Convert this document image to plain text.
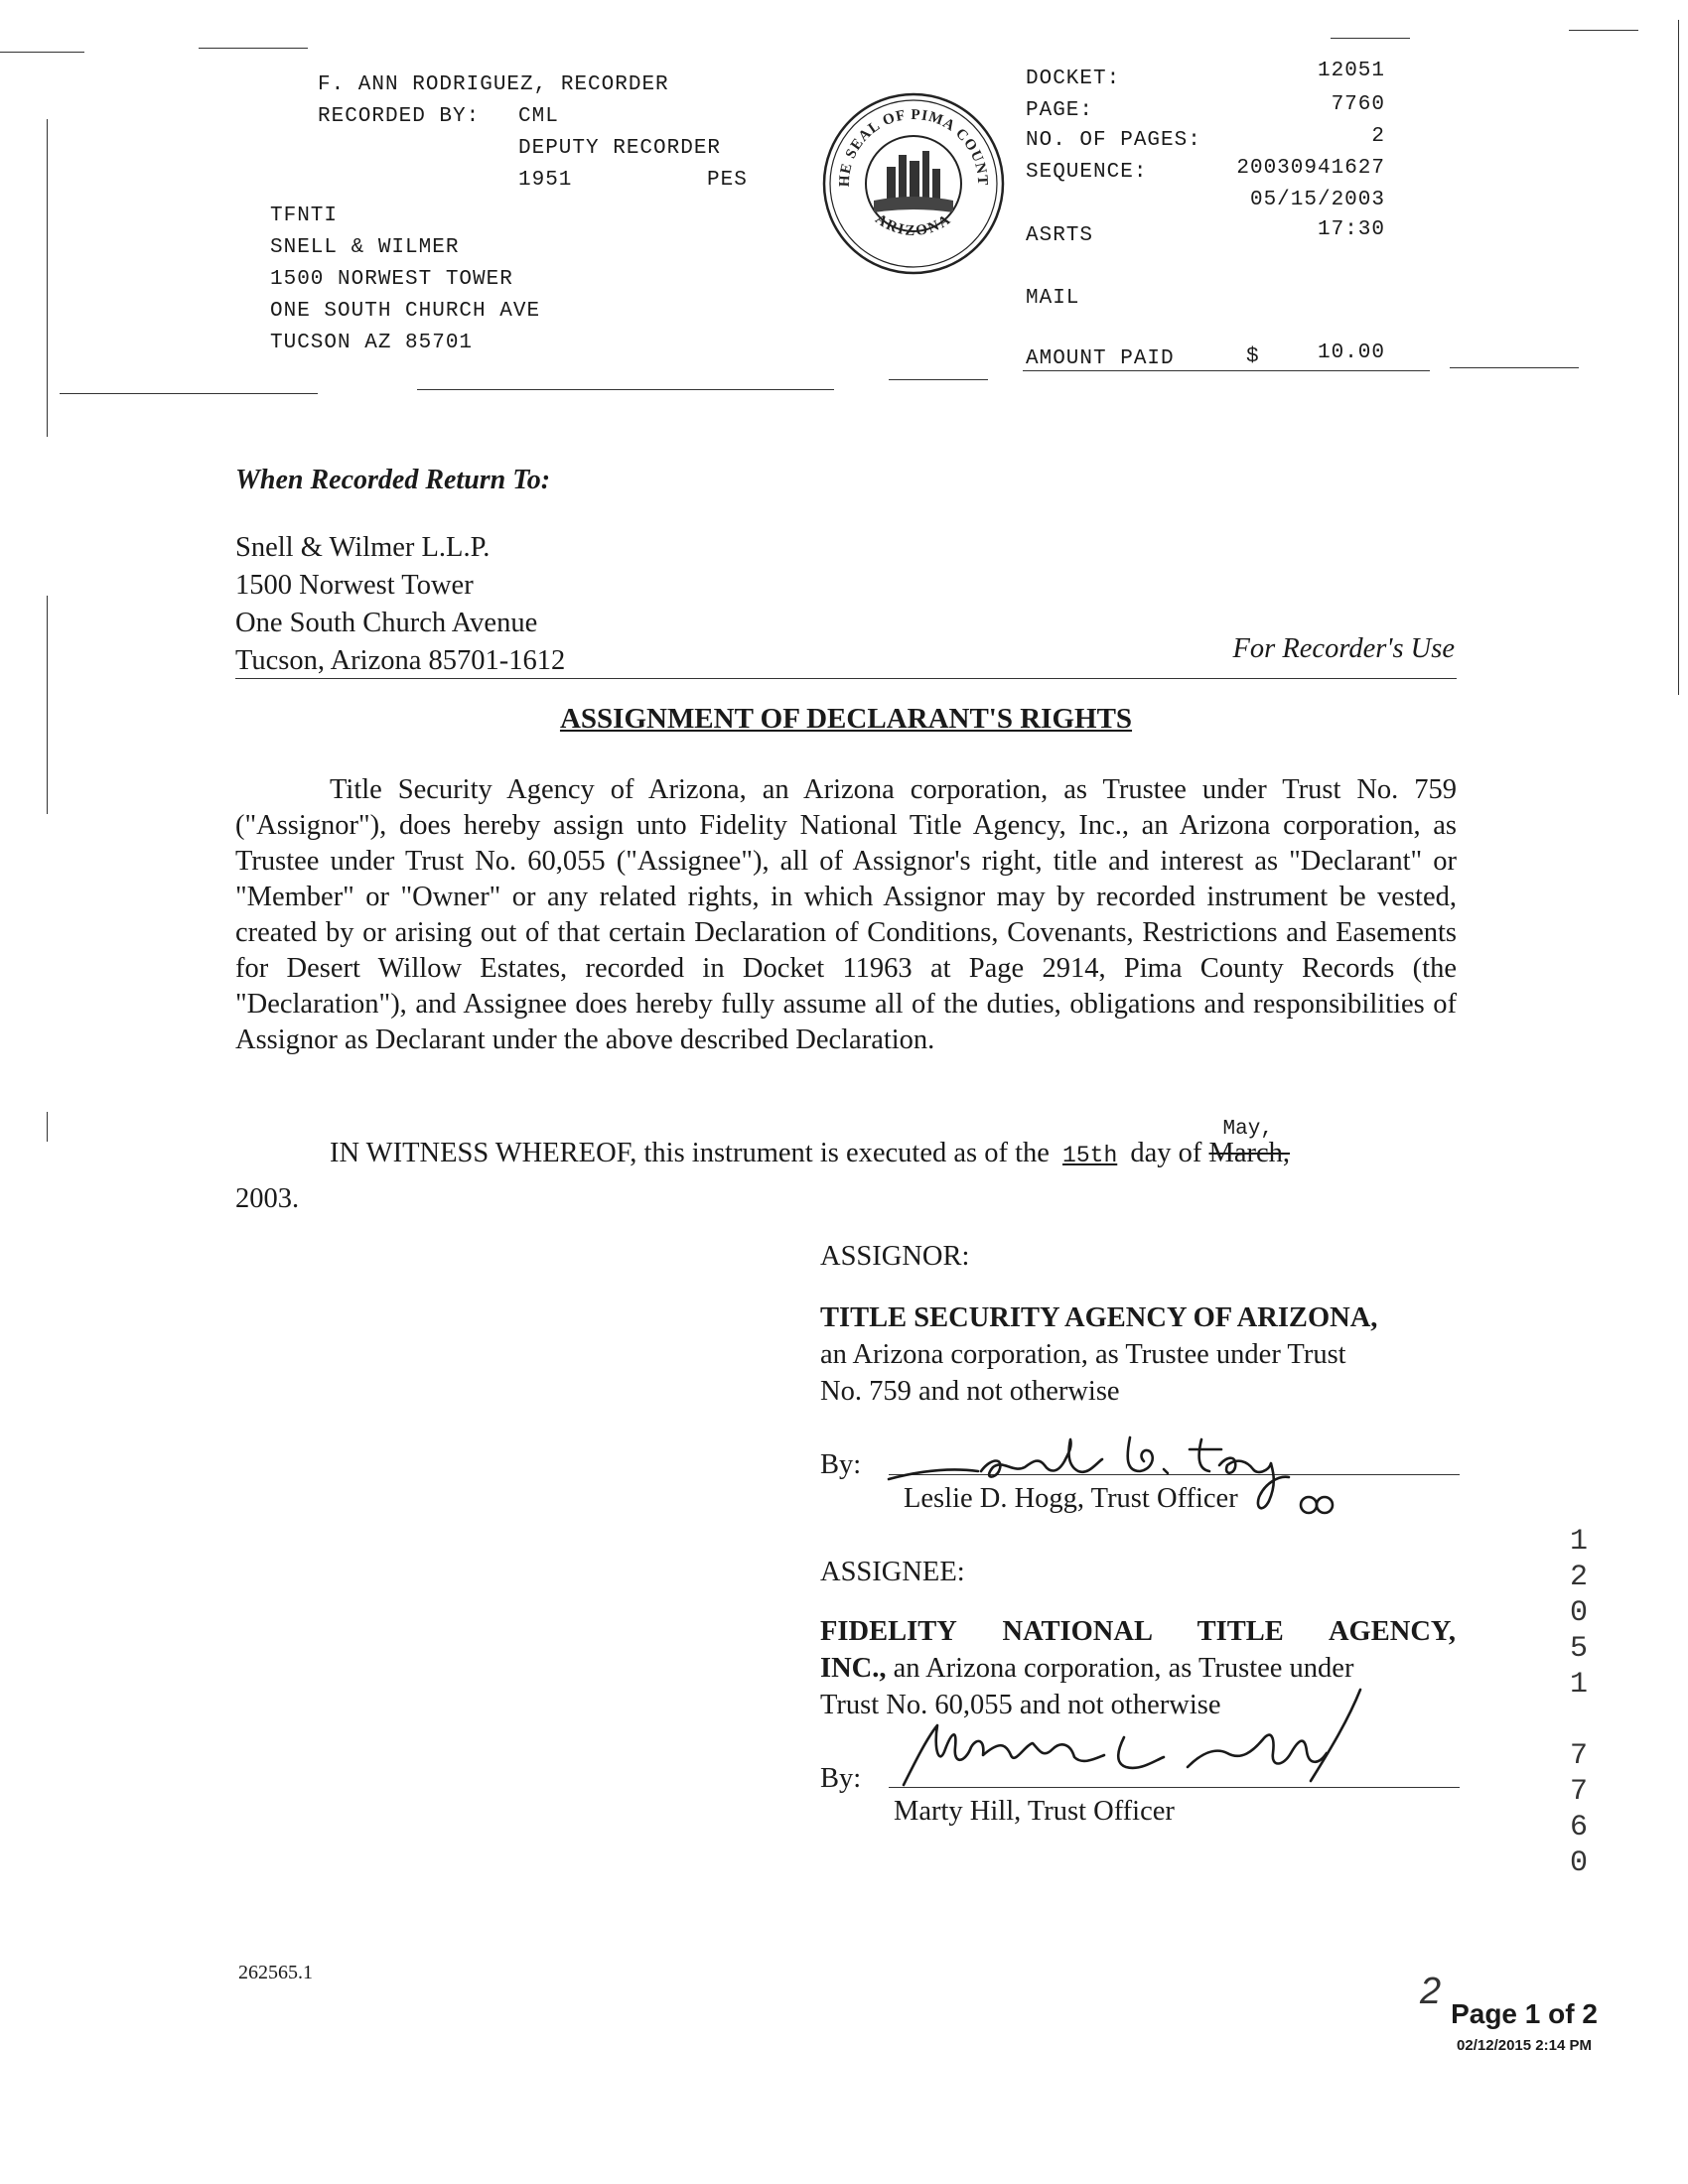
F. ANN RODRIGUEZ, RECORDER
RECORDED BY: CML
DEPUTY RECORDER
1951	PES
TFNTI
SNELL & WILMER
1500 NORWEST TOWER
ONE SOUTH CHURCH AVE
TUCSON AZ 85701
HE SEAL OF PIMA COUNT
ARIZONA
DOCKET:	12051
PAGE:	7760
NO. OF PAGES:	2
SEQUENCE:	20030941627
05/15/2003
ASRTS	17:30
MAIL
AMOUNT PAID	$	10.00
When Recorded Return To:
Snell & Wilmer L.L.P.
1500 Norwest Tower
One South Church Avenue
Tucson, Arizona 85701-1612	For Recorder's Use
ASSIGNMENT OF DECLARANT'S RIGHTS
Title Security Agency of Arizona, an Arizona corporation, as Trustee under Trust No. 759 ("Assignor"), does hereby assign unto Fidelity National Title Agency, Inc., an Arizona corporation, as Trustee under Trust No. 60,055 ("Assignee"), all of Assignor's right, title and interest as "Declarant" or "Member" or "Owner" or any related rights, in which Assignor may by recorded instrument be vested, created by or arising out of that certain Declaration of Conditions, Covenants, Restrictions and Easements for Desert Willow Estates, recorded in Docket 11963 at Page 2914, Pima County Records (the "Declaration"), and Assignee does hereby fully assume all of the duties, obligations and responsibilities of Assignor as Declarant under the above described Declaration.
IN WITNESS WHEREOF, this instrument is executed as of the 15th day of March,
May,
2003.
ASSIGNOR:
TITLE SECURITY AGENCY OF ARIZONA,
an Arizona corporation, as Trustee under Trust
No. 759 and not otherwise
By:
Leslie D. Hogg, Trust Officer
ASSIGNEE:
FIDELITY NATIONAL TITLE AGENCY,
INC., an Arizona corporation, as Trustee under
Trust No. 60,055 and not otherwise
By:
Marty Hill, Trust Officer
1
2
0
5
1
7
7
6
0
262565.1	2
Page 1 of 2
02/12/2015 2:14 PM
